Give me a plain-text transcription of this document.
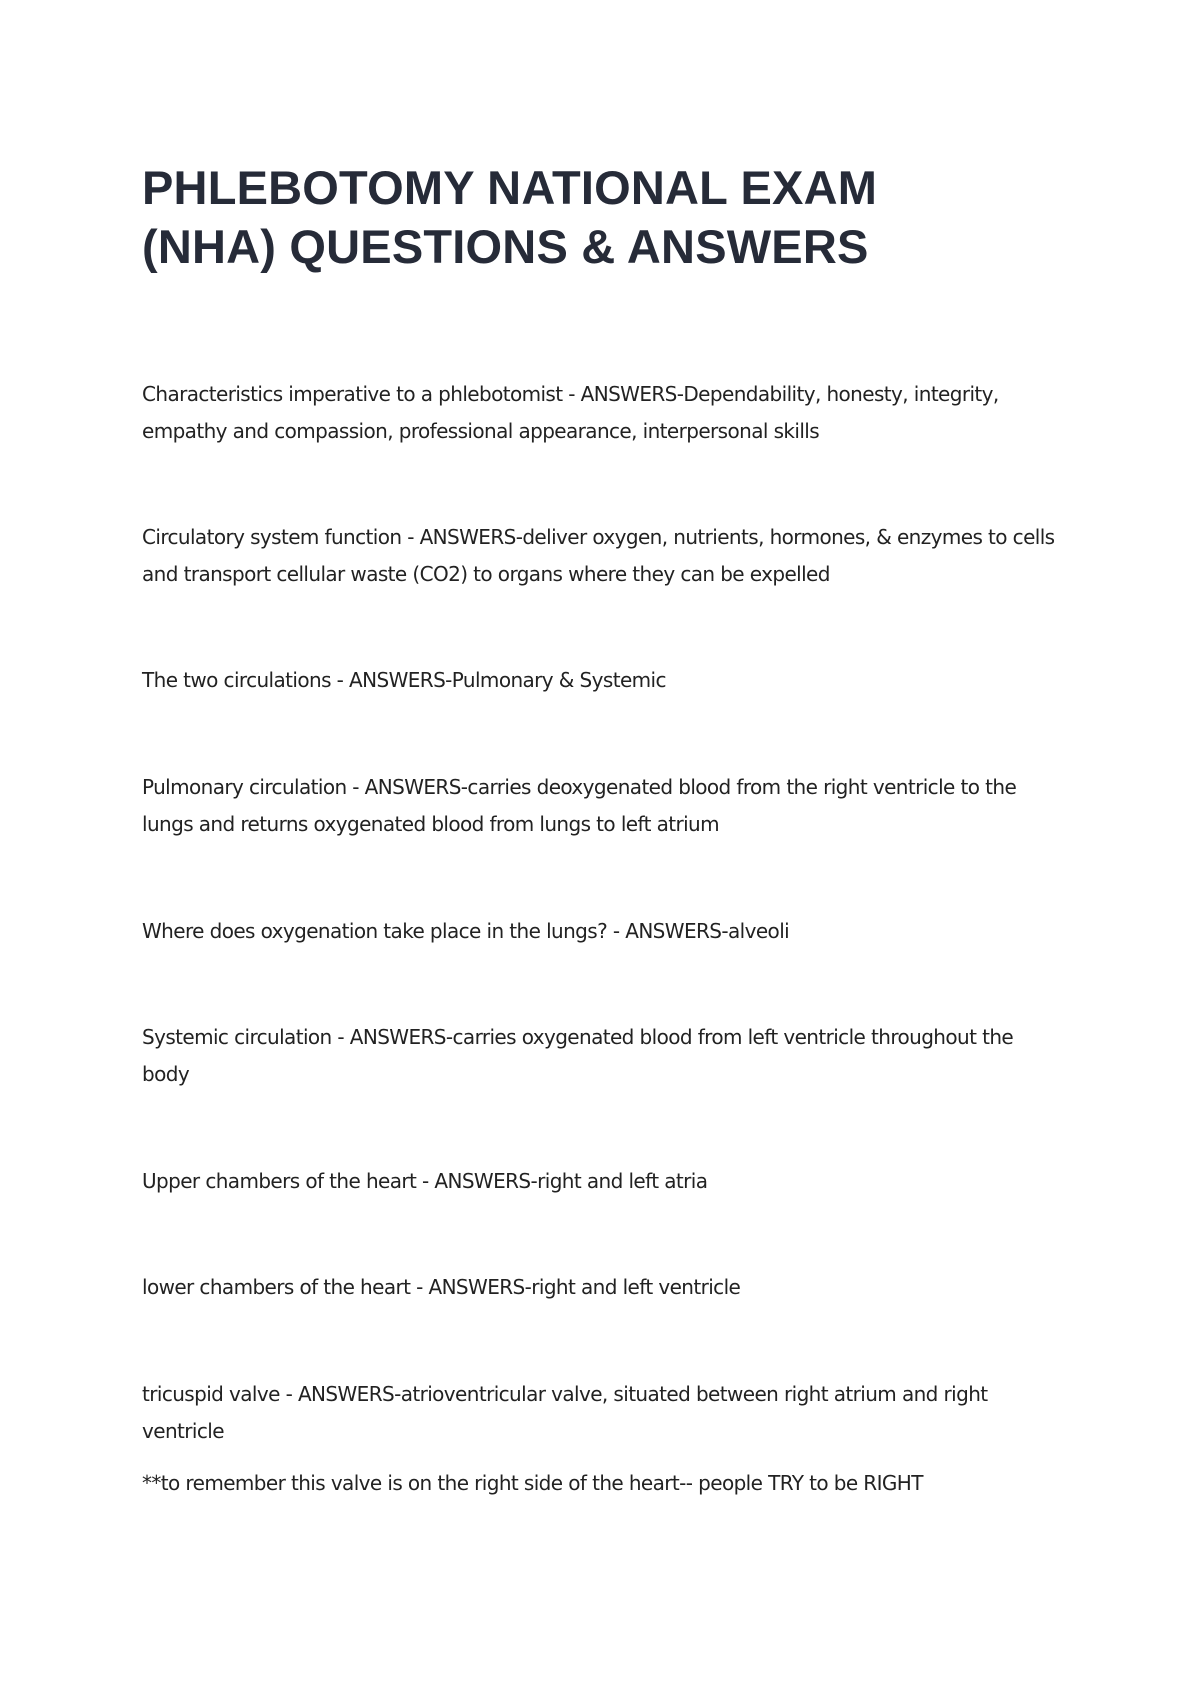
PHLEBOTOMY NATIONAL EXAM
(NHA) QUESTIONS & ANSWERS

Characteristics imperative to a phlebotomist - ANSWERS-Dependability, honesty, integrity,
empathy and compassion, professional appearance, interpersonal skills

Circulatory system function - ANSWERS-deliver oxygen, nutrients, hormones, & enzymes to cells
and transport cellular waste (CO2) to organs where they can be expelled

The two circulations - ANSWERS-Pulmonary & Systemic

Pulmonary circulation - ANSWERS-carries deoxygenated blood from the right ventricle to the
lungs and returns oxygenated blood from lungs to left atrium

Where does oxygenation take place in the lungs? - ANSWERS-alveoli

Systemic circulation - ANSWERS-carries oxygenated blood from left ventricle throughout the
body

Upper chambers of the heart - ANSWERS-right and left atria

lower chambers of the heart - ANSWERS-right and left ventricle

tricuspid valve - ANSWERS-atrioventricular valve, situated between right atrium and right
ventricle
**to remember this valve is on the right side of the heart-- people TRY to be RIGHT
